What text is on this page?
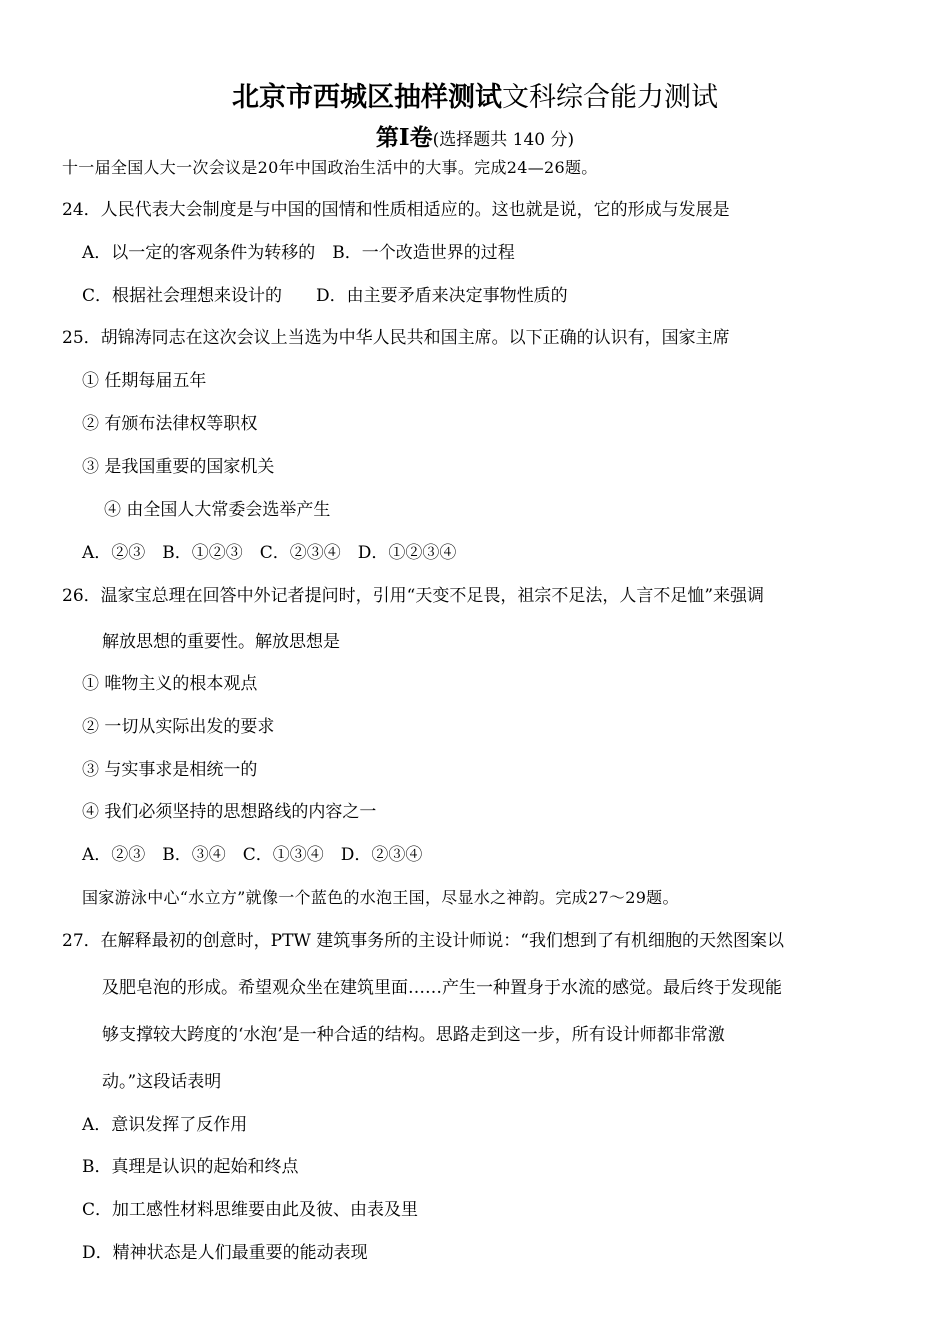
北京市西城区抽样测试文科综合能力测试
第Ⅰ卷(选择题共 140 分)
十一届全国人大一次会议是20年中国政治生活中的大事。完成24—26题。
24．人民代表大会制度是与中国的国情和性质相适应的。这也就是说，它的形成与发展是
A．以一定的客观条件为转移的　B．一个改造世界的过程
C．根据社会理想来设计的　　D．由主要矛盾来决定事物性质的
25．胡锦涛同志在这次会议上当选为中华人民共和国主席。以下正确的认识有，国家主席
① 任期每届五年
② 有颁布法律权等职权
③ 是我国重要的国家机关
④ 由全国人大常委会选举产生
A．②③　B．①②③　C．②③④　D．①②③④
26．温家宝总理在回答中外记者提问时，引用“天变不足畏，祖宗不足法，人言不足恤”来强调
解放思想的重要性。解放思想是
① 唯物主义的根本观点
② 一切从实际出发的要求
③ 与实事求是相统一的
④ 我们必须坚持的思想路线的内容之一
A．②③　B．③④　C．①③④　D．②③④
国家游泳中心“水立方”就像一个蓝色的水泡王国，尽显水之神韵。完成27～29题。
27．在解释最初的创意时，PTW 建筑事务所的主设计师说：“我们想到了有机细胞的天然图案以
及肥皂泡的形成。希望观众坐在建筑里面……产生一种置身于水流的感觉。最后终于发现能
够支撑较大跨度的‘水泡’是一种合适的结构。思路走到这一步，所有设计师都非常激
动。”这段话表明
A．意识发挥了反作用
B．真理是认识的起始和终点
C．加工感性材料思维要由此及彼、由表及里
D．精神状态是人们最重要的能动表现
